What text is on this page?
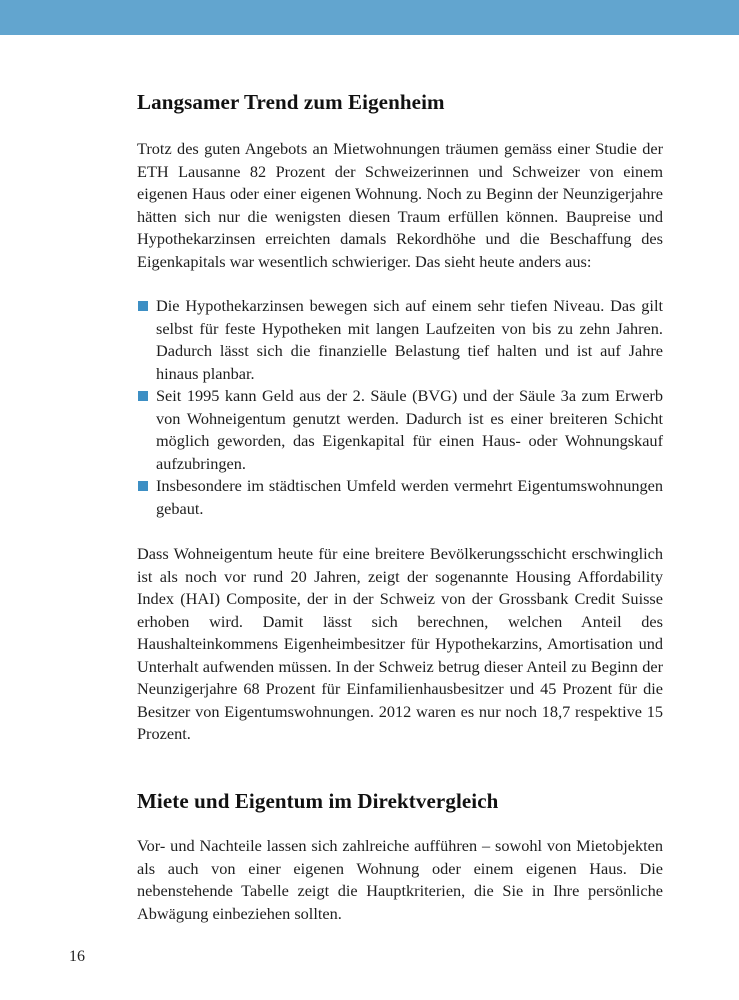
Langsamer Trend zum Eigenheim

Trotz des guten Angebots an Mietwohnungen träumen gemäss einer Studie der ETH Lausanne 82 Prozent der Schweizerinnen und Schweizer von einem eigenen Haus oder einer eigenen Wohnung. Noch zu Beginn der Neunzigerjahre hätten sich nur die wenigsten diesen Traum erfüllen können. Baupreise und Hypothekarzinsen erreichten damals Rekordhöhe und die Beschaffung des Eigenkapitals war wesentlich schwieriger. Das sieht heute anders aus:

Die Hypothekarzinsen bewegen sich auf einem sehr tiefen Niveau. Das gilt selbst für feste Hypotheken mit langen Laufzeiten von bis zu zehn Jahren. Dadurch lässt sich die finanzielle Belastung tief halten und ist auf Jahre hinaus planbar.
Seit 1995 kann Geld aus der 2. Säule (BVG) und der Säule 3a zum Erwerb von Wohneigentum genutzt werden. Dadurch ist es einer breiteren Schicht möglich geworden, das Eigenkapital für einen Haus- oder Wohnungskauf aufzubringen.
Insbesondere im städtischen Umfeld werden vermehrt Eigentumswohnungen gebaut.

Dass Wohneigentum heute für eine breitere Bevölkerungsschicht erschwinglich ist als noch vor rund 20 Jahren, zeigt der sogenannte Housing Affordability Index (HAI) Composite, der in der Schweiz von der Grossbank Credit Suisse erhoben wird. Damit lässt sich berechnen, welchen Anteil des Haushalteinkommens Eigenheimbesitzer für Hypothekarzins, Amortisation und Unterhalt aufwenden müssen. In der Schweiz betrug dieser Anteil zu Beginn der Neunzigerjahre 68 Prozent für Einfamilienhausbesitzer und 45 Prozent für die Besitzer von Eigentumswohnungen. 2012 waren es nur noch 18,7 respektive 15 Prozent.

Miete und Eigentum im Direktvergleich

Vor- und Nachteile lassen sich zahlreiche aufführen – sowohl von Mietobjekten als auch von einer eigenen Wohnung oder einem eigenen Haus. Die nebenstehende Tabelle zeigt die Hauptkriterien, die Sie in Ihre persönliche Abwägung einbeziehen sollten.

16
